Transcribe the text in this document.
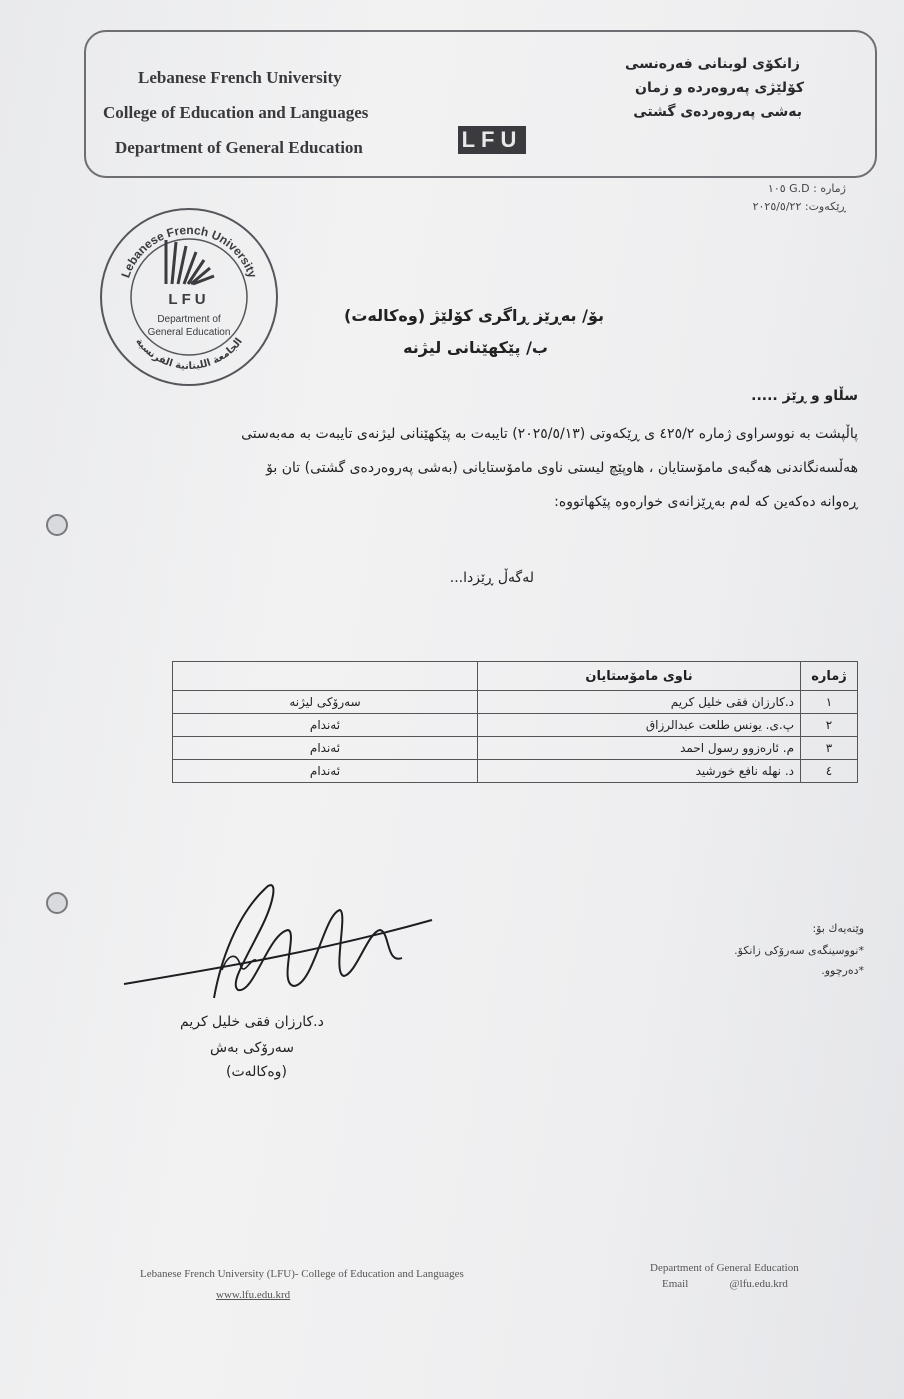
Lebanese French University
College of Education and Languages
Department of General Education
زانكۆی لوبنانی فەرەنسی
كۆلێژی پەروەردە و زمان
بەشی پەروەردەی گشتی
LFU
ژمارە : G.D ١٠٥
ڕێكەوت: ٢٠٢٥/٥/٢٢
Lebanese French University
الجامعة اللبنانية الفرنسية
LFU
Department of
General Education
بۆ/ بەڕێز ڕاگری كۆلێژ (وەكالەت)
ب/ پێكهێنانی لیژنە
سڵاو و ڕێز .....
پاڵپشت بە نووسراوی ژمارە ٤٢٥/٢ ی ڕێكەوتی (٢٠٢٥/٥/١٣) تایبەت بە پێكهێنانی لیژنەی تایبەت بە مەبەستی
هەڵسەنگاندنی هەگبەی مامۆستایان ، هاوپێچ لیستی ناوی مامۆستایانی (بەشی پەروەردەی گشتی) تان بۆ
ڕەوانە دەكەین كە لەم بەڕێزانەی خوارەوە پێكهاتووە:
لەگەڵ ڕێزدا...
ژمارە	ناوی مامۆستایان	
١	د.كارزان فقی خلیل كریم	سەرۆكی لیژنە
٢	پ.ی. یونس طلعت عبدالرزاق	ئەندام
٣	م. ئارەزوو رسول احمد	ئەندام
٤	د. نهله نافع خورشید	ئەندام
د.كارزان فقی خلیل كریم
سەرۆكی بەش
(وەكالەت)
وێنەیەك بۆ:
*نووسینگەی سەرۆكی زانكۆ.
*دەرچوو.
Lebanese French University (LFU)- College of Education and Languages
www.lfu.edu.krd
Department of General Education
Email               @lfu.edu.krd
